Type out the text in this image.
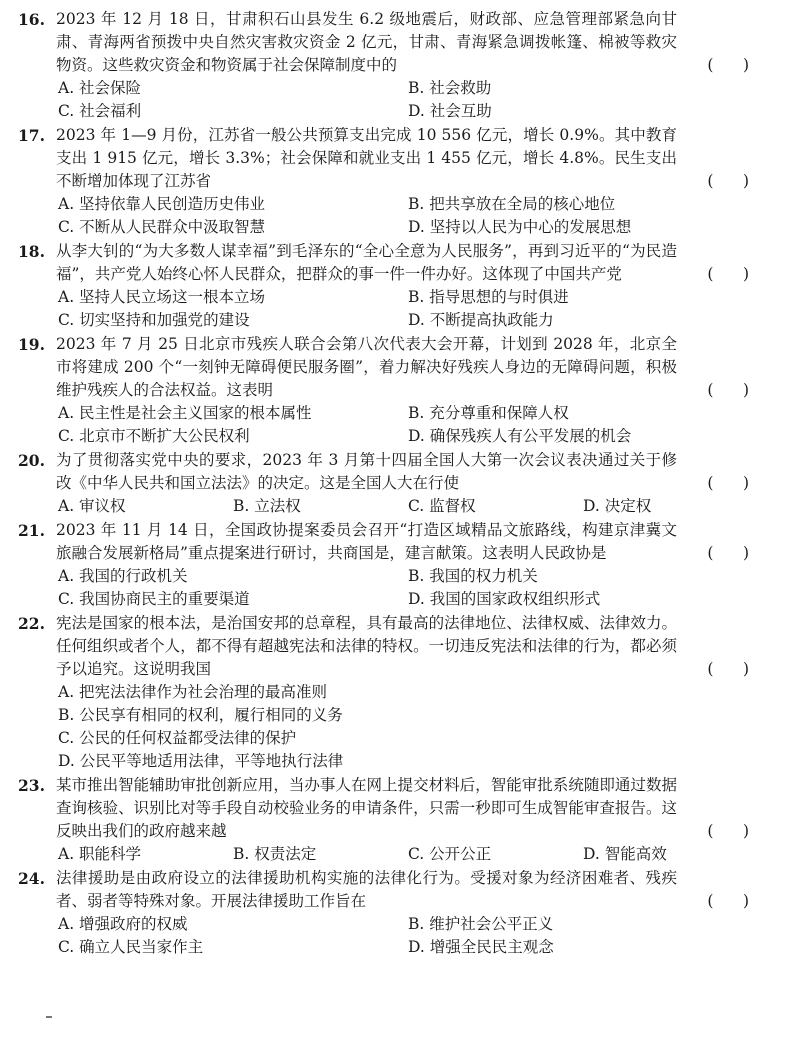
16. 2023 年 12 月 18 日，甘肃积石山县发生 6.2 级地震后，财政部、应急管理部紧急向甘肃、青海两省预拨中央自然灾害救灾资金 2 亿元，甘肃、青海紧急调拨帐篷、棉被等救灾物资。这些救灾资金和物资属于社会保障制度中的	(      )
A. 社会保险	B. 社会救助
C. 社会福利	D. 社会互助
17. 2023 年 1—9 月份，江苏省一般公共预算支出完成 10 556 亿元，增长 0.9%。其中教育支出 1 915 亿元，增长 3.3%；社会保障和就业支出 1 455 亿元，增长 4.8%。民生支出不断增加体现了江苏省	(      )
A. 坚持依靠人民创造历史伟业	B. 把共享放在全局的核心地位
C. 不断从人民群众中汲取智慧	D. 坚持以人民为中心的发展思想
18. 从李大钊的“为大多数人谋幸福”到毛泽东的“全心全意为人民服务”，再到习近平的“为民造福”，共产党人始终心怀人民群众，把群众的事一件一件办好。这体现了中国共产党	(      )
A. 坚持人民立场这一根本立场	B. 指导思想的与时俱进
C. 切实坚持和加强党的建设	D. 不断提高执政能力
19. 2023 年 7 月 25 日北京市残疾人联合会第八次代表大会开幕，计划到 2028 年，北京全市将建成 200 个“一刻钟无障碍便民服务圈”，着力解决好残疾人身边的无障碍问题，积极维护残疾人的合法权益。这表明	(      )
A. 民主性是社会主义国家的根本属性	B. 充分尊重和保障人权
C. 北京市不断扩大公民权利	D. 确保残疾人有公平发展的机会
20. 为了贯彻落实党中央的要求，2023 年 3 月第十四届全国人大第一次会议表决通过关于修改《中华人民共和国立法法》的决定。这是全国人大在行使	(      )
A. 审议权	B. 立法权	C. 监督权	D. 决定权
21. 2023 年 11 月 14 日，全国政协提案委员会召开“打造区域精品文旅路线，构建京津冀文旅融合发展新格局”重点提案进行研讨，共商国是，建言献策。这表明人民政协是	(      )
A. 我国的行政机关	B. 我国的权力机关
C. 我国协商民主的重要渠道	D. 我国的国家政权组织形式
22. 宪法是国家的根本法，是治国安邦的总章程，具有最高的法律地位、法律权威、法律效力。任何组织或者个人，都不得有超越宪法和法律的特权。一切违反宪法和法律的行为，都必须予以追究。这说明我国	(      )
A. 把宪法法律作为社会治理的最高准则
B. 公民享有相同的权利，履行相同的义务
C. 公民的任何权益都受法律的保护
D. 公民平等地适用法律，平等地执行法律
23. 某市推出智能辅助审批创新应用，当办事人在网上提交材料后，智能审批系统随即通过数据查询核验、识别比对等手段自动校验业务的申请条件，只需一秒即可生成智能审查报告。这反映出我们的政府越来越	(      )
A. 职能科学	B. 权责法定	C. 公开公正	D. 智能高效
24. 法律援助是由政府设立的法律援助机构实施的法律化行为。受援对象为经济困难者、残疾者、弱者等特殊对象。开展法律援助工作旨在	(      )
A. 增强政府的权威	B. 维护社会公平正义
C. 确立人民当家作主	D. 增强全民民主观念
